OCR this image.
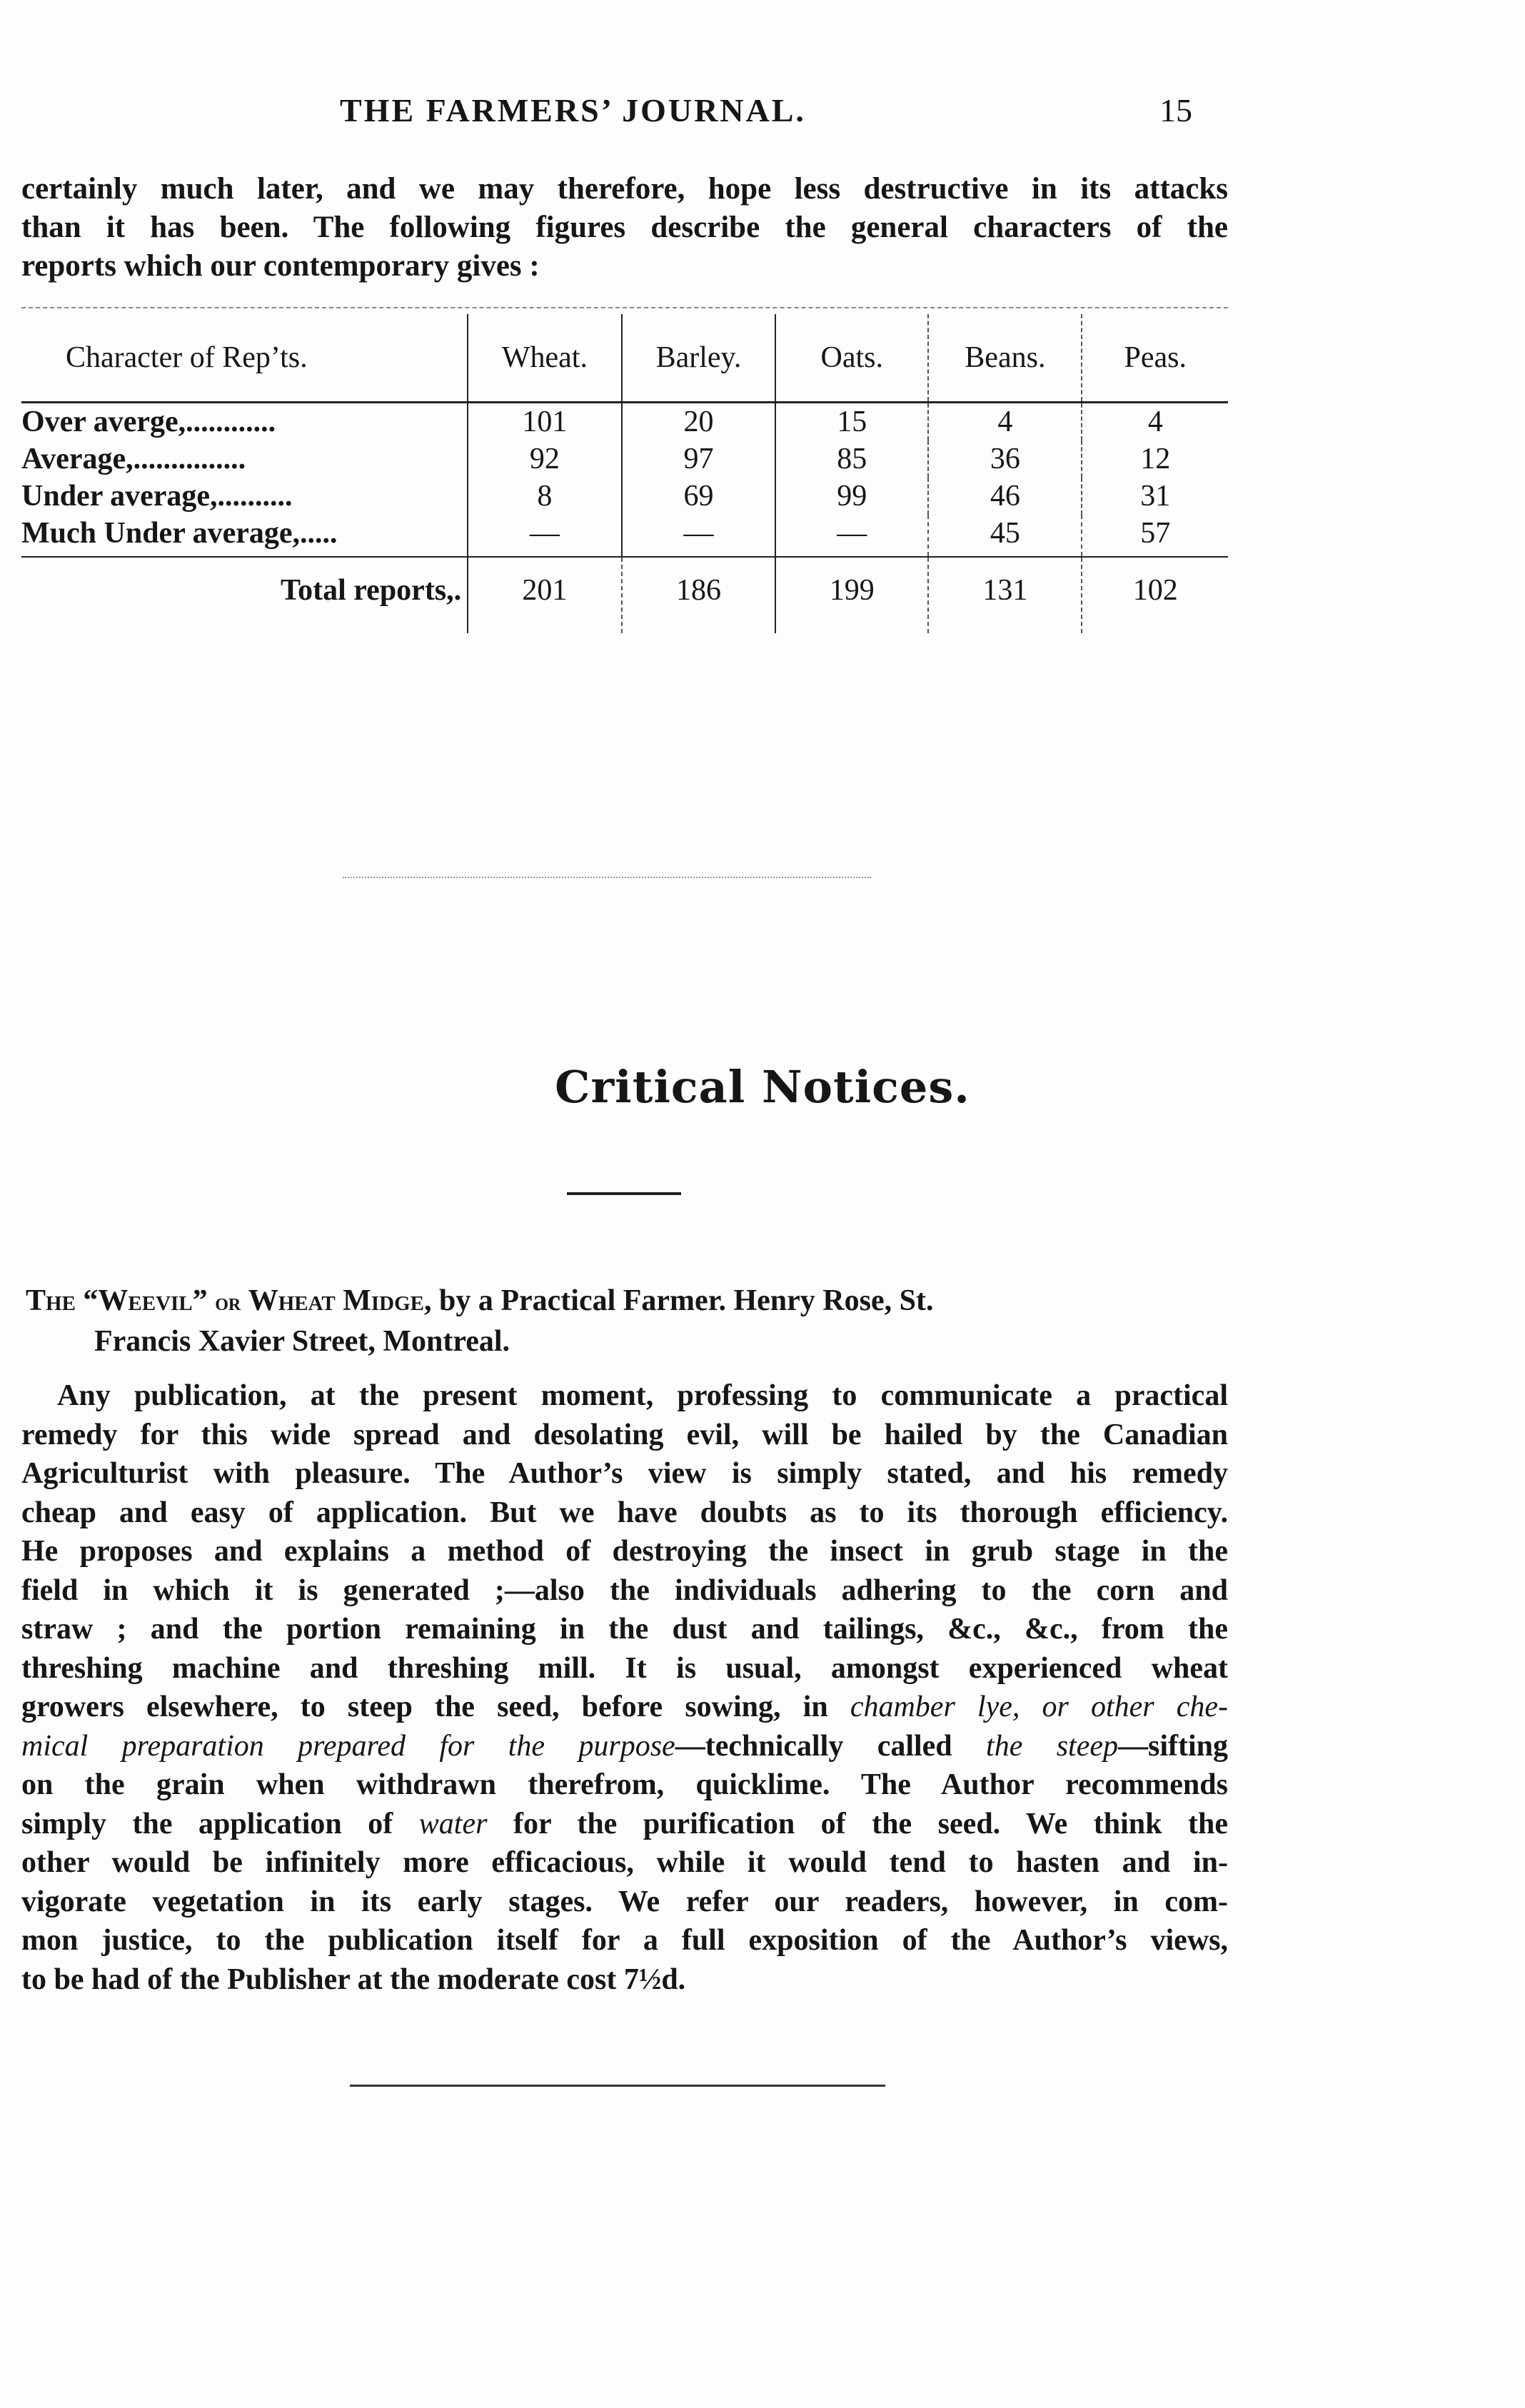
THE FARMERS’ JOURNAL.	15
certainly much later, and we may therefore, hope less destructive in its attacks
than it has been. The following figures describe the general characters of the
reports which our contemporary gives :
Character of Rep’ts.	Wheat.	Barley.	Oats.	Beans.	Peas.
Over averge,............	101	20	15	4	4
Average,...............	92	97	85	36	12
Under average,..........	8	69	99	46	31
Much Under average,.....	—	—	—	45	57
Total reports,.	201	186	199	131	102
Critical Notices.
The “Weevil” or Wheat Midge, by a Practical Farmer. Henry Rose, St.
Francis Xavier Street, Montreal.
Any publication, at the present moment, professing to communicate a practical
remedy for this wide spread and desolating evil, will be hailed by the Canadian
Agriculturist with pleasure. The Author’s view is simply stated, and his remedy
cheap and easy of application. But we have doubts as to its thorough efficiency.
He proposes and explains a method of destroying the insect in grub stage in the
field in which it is generated ;—also the individuals adhering to the corn and
straw ; and the portion remaining in the dust and tailings, &c., &c., from the
threshing machine and threshing mill. It is usual, amongst experienced wheat
growers elsewhere, to steep the seed, before sowing, in chamber lye, or other che-
mical preparation prepared for the purpose—technically called the steep—sifting
on the grain when withdrawn therefrom, quicklime. The Author recommends
simply the application of water for the purification of the seed. We think the
other would be infinitely more efficacious, while it would tend to hasten and in-
vigorate vegetation in its early stages. We refer our readers, however, in com-
mon justice, to the publication itself for a full exposition of the Author’s views,
to be had of the Publisher at the moderate cost 7½d.
